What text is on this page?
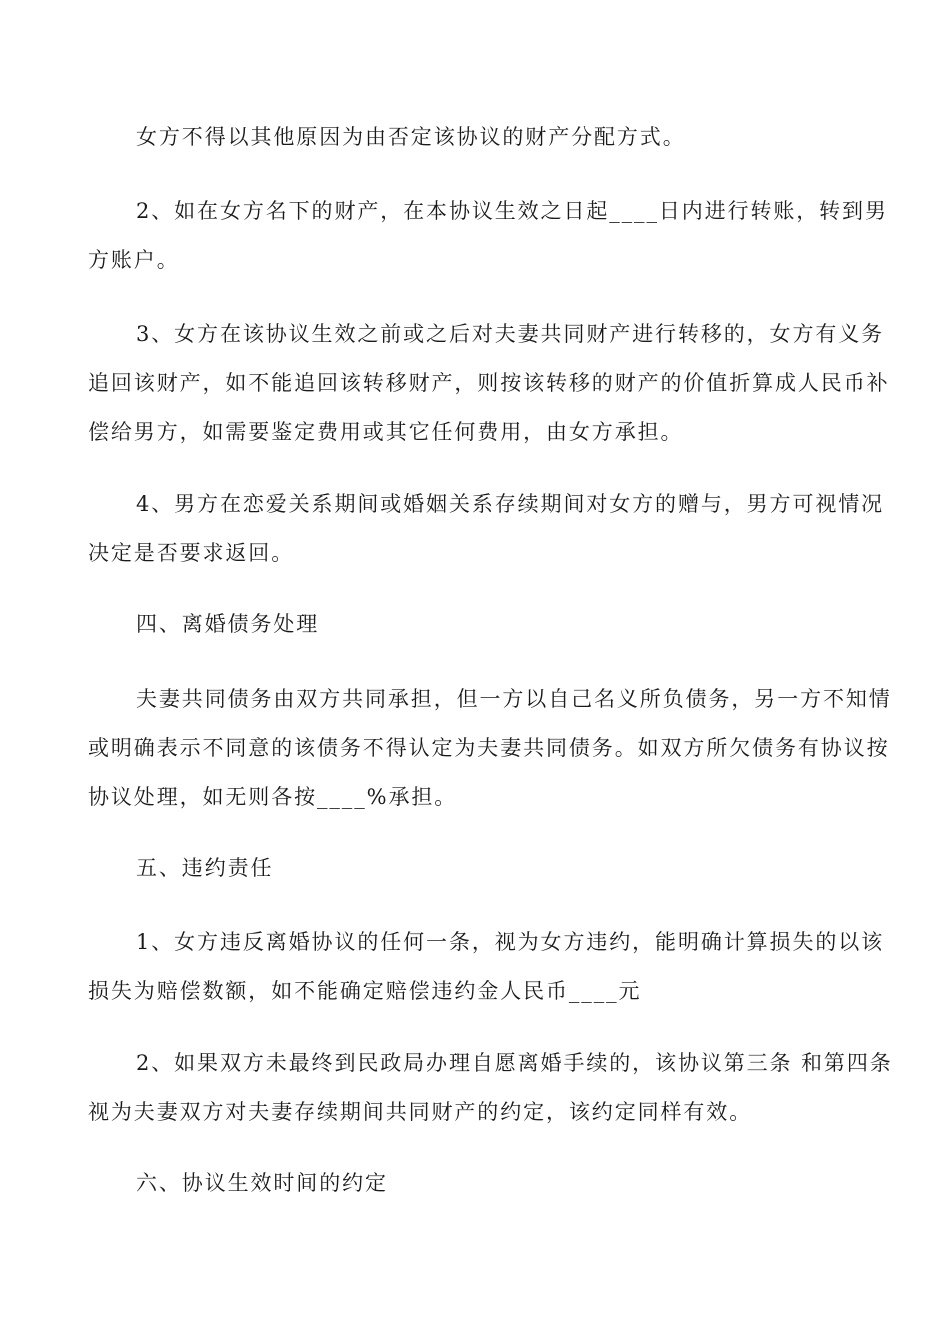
女方不得以其他原因为由否定该协议的财产分配方式。
2、如在女方名下的财产，在本协议生效之日起____日内进行转账，转到男
方账户。
3、女方在该协议生效之前或之后对夫妻共同财产进行转移的，女方有义务
追回该财产，如不能追回该转移财产，则按该转移的财产的价值折算成人民币补
偿给男方，如需要鉴定费用或其它任何费用，由女方承担。
4、男方在恋爱关系期间或婚姻关系存续期间对女方的赠与，男方可视情况
决定是否要求返回。
四、离婚债务处理
夫妻共同债务由双方共同承担，但一方以自己名义所负债务，另一方不知情
或明确表示不同意的该债务不得认定为夫妻共同债务。如双方所欠债务有协议按
协议处理，如无则各按____%承担。
五、违约责任
1、女方违反离婚协议的任何一条，视为女方违约，能明确计算损失的以该
损失为赔偿数额，如不能确定赔偿违约金人民币____元
2、如果双方未最终到民政局办理自愿离婚手续的，该协议第三条 和第四条
视为夫妻双方对夫妻存续期间共同财产的约定，该约定同样有效。
六、协议生效时间的约定
